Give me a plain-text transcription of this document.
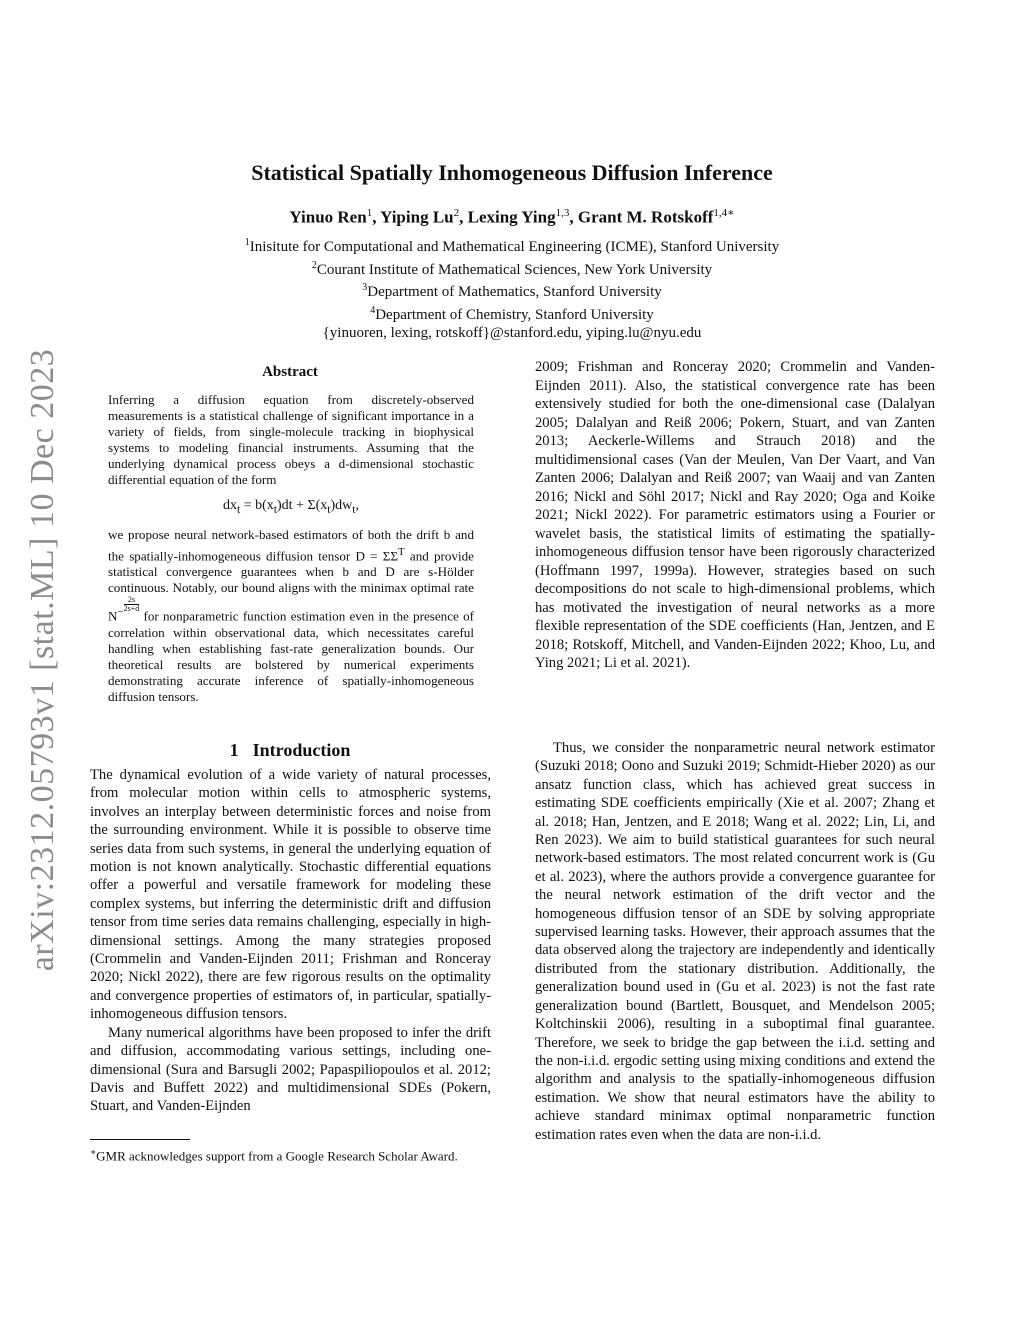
arXiv:2312.05793v1 [stat.ML] 10 Dec 2023
Statistical Spatially Inhomogeneous Diffusion Inference
Yinuo Ren$^1$, Yiping Lu$^2$, Lexing Ying$^{1,3}$, Grant M. Rotskoff$^{1,4∗}$
$^1$Inisitute for Computational and Mathematical Engineering (ICME), Stanford University
$^2$Courant Institute of Mathematical Sciences, New York University
$^3$Department of Mathematics, Stanford University
$^4$Department of Chemistry, Stanford University
{yinuoren, lexing, rotskoff}@stanford.edu, yiping.lu@nyu.edu
Abstract

Inferring a diffusion equation from discretely-observed measurements is a statistical challenge of significant importance in a variety of fields, from single-molecule tracking in biophysical systems to modeling financial instruments. Assuming that the underlying dynamical process obeys a d-dimensional stochastic differential equation of the form

$dx_t = b(x_t)dt + \Sigma(x_t)dw_t$,

we propose neural network-based estimators of both the drift b and the spatially-inhomogeneous diffusion tensor $D = \Sigma\Sigma^T$ and provide statistical convergence guarantees when b and D are s-Hölder continuous. Notably, our bound aligns with the minimax optimal rate $N^{- \frac{2s}{2s+d}}$
for nonparametric function estimation even in the presence of correlation within observational data, which necessitates careful handling when establishing fast-rate generalization bounds. Our theoretical results are bolstered by numerical experiments demonstrating accurate inference of spatially-inhomogeneous diffusion tensors.

1 Introduction

The dynamical evolution of a wide variety of natural processes, from molecular motion within cells to atmospheric systems, involves an interplay between deterministic forces and noise from the surrounding environment. While it is possible to observe time series data from such systems, in general the underlying equation of motion is not known analytically. Stochastic differential equations offer a powerful and versatile framework for modeling these complex systems, but inferring the deterministic drift and diffusion tensor from time series data remains challenging, especially in high-dimensional settings. Among the many strategies proposed (Crommelin and Vanden-Eijnden 2011; Frishman and Ronceray 2020; Nickl 2022), there are few rigorous results on the optimality and convergence properties of estimators of, in particular, spatially-inhomogeneous diffusion tensors.

Many numerical algorithms have been proposed to infer the drift and diffusion, accommodating various settings, including one-dimensional (Sura and Barsugli 2002; Papaspiliopoulos et al. 2012; Davis and Buffett 2022) and multidimensional SDEs (Pokern, Stuart, and Vanden-Eijnden

∗GMR acknowledges support from a Google Research Scholar Award.

2009; Frishman and Ronceray 2020; Crommelin and Vanden-Eijnden 2011). Also, the statistical convergence rate has been extensively studied for both the one-dimensional case (Dalalyan 2005; Dalalyan and Reiß 2006; Pokern, Stuart, and van Zanten 2013; Aeckerle-Willems and Strauch 2018) and the multidimensional cases (Van der Meulen, Van Der Vaart, and Van Zanten 2006; Dalalyan and Reiß 2007; van Waaij and van Zanten 2016; Nickl and Söhl 2017; Nickl and Ray 2020; Oga and Koike 2021; Nickl 2022). For parametric estimators using a Fourier or wavelet basis, the statistical limits of estimating the spatially-inhomogeneous diffusion tensor have been rigorously characterized (Hoffmann 1997, 1999a). However, strategies based on such decompositions do not scale to high-dimensional problems, which has motivated the investigation of neural networks as a more flexible representation of the SDE coefficients (Han, Jentzen, and E 2018; Rotskoff, Mitchell, and Vanden-Eijnden 2022; Khoo, Lu, and Ying 2021; Li et al. 2021).

Thus, we consider the nonparametric neural network estimator (Suzuki 2018; Oono and Suzuki 2019; Schmidt-Hieber 2020) as our ansatz function class, which has achieved great success in estimating SDE coefficients empirically (Xie et al. 2007; Zhang et al. 2018; Han, Jentzen, and E 2018; Wang et al. 2022; Lin, Li, and Ren 2023). We aim to build statistical guarantees for such neural network-based estimators. The most related concurrent work is (Gu et al. 2023), where the authors provide a convergence guarantee for the neural network estimation of the drift vector and the homogeneous diffusion tensor of an SDE by solving appropriate supervised learning tasks. However, their approach assumes that the data observed along the trajectory are independently and identically distributed from the stationary distribution. Additionally, the generalization bound used in (Gu et al. 2023) is not the fast rate generalization bound (Bartlett, Bousquet, and Mendelson 2005; Koltchinskii 2006), resulting in a suboptimal final guarantee. Therefore, we seek to bridge the gap between the i.i.d. setting and the non-i.i.d. ergodic setting using mixing conditions and extend the algorithm and analysis to the spatially-inhomogeneous diffusion estimation. We show that neural estimators have the ability to achieve standard minimax optimal nonparametric function estimation rates even when the data are non-i.i.d.
